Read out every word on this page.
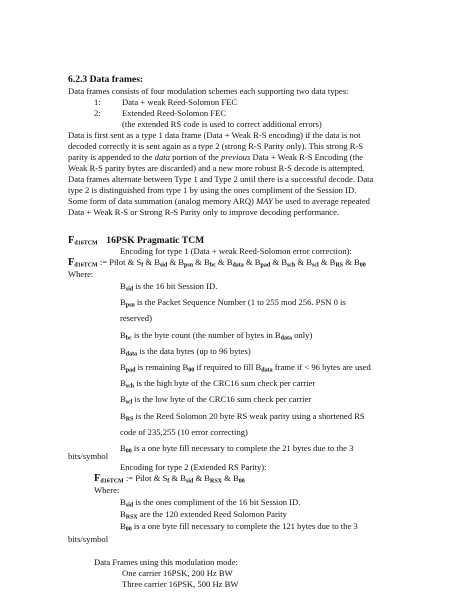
6.2.3 Data frames:
Data frames consists of four modulation schemes each supporting two data types:
1: Data + weak Reed-Solomon FEC
2: Extended Reed-Solomon FEC
(the extended RS code is used to correct additional errors)
Data is first sent as a type 1 data frame (Data + Weak R-S encoding) if the data is not
decoded correctly it is sent again as a type 2 (strong R-S Parity only). This strong R-S
parity is appended to the data portion of the previous Data + Weak R-S Encoding (the
Weak R-S parity bytes are discarded) and a new more robust R-S decode is attempted.
Data frames alternate between Type 1 and Type 2 until there is a successful decode. Data
type 2 is distinguished from type 1 by using the ones compliment of the Session ID.
Some form of data summation (analog memory ARQ) MAY be used to average repeated
Data + Weak R-S or Strong R-S Parity only to improve decoding performance.
Fd16TCM 16PSK Pragmatic TCM
Encoding for type 1 (Data + weak Reed-Solomon error correction):
Fd16TCM := Pilot & Sf & Bsid & Bpsn & Bbc & Bdata & Bpad & Bsch & Bscl & BRS & B00
Where:
Bsid is the 16 bit Session ID.
Bpsn is the Packet Sequence Number (1 to 255 mod 256. PSN 0 is
reserved)
Bbc is the byte count (the number of bytes in Bdata only)
Bdata is the data bytes (up to 96 bytes)
Bpad is remaining B00 if required to fill Bdata frame if < 96 bytes are used
Bsch is the high byte of the CRC16 sum check per carrier
Bscl is the low byte of the CRC16 sum check per carrier
BRS is the Reed Solomon 20 byte RS weak parity using a shortened RS
code of 235,255 (10 error correcting)
B00 is a one byte fill necessary to complete the 21 bytes due to the 3
bits/symbol
Encoding for type 2 (Extended RS Parity):
Fd16TCM := Pilot & Sf & Bsid & BRSX & B00
Where:
Bsid is the ones compliment of the 16 bit Session ID.
BRSX are the 120 extended Reed Solomon Parity
B00 is a one byte fill necessary to complete the 121 bytes due to the 3
bits/symbol
Data Frames using this modulation mode:
One carrier 16PSK, 200 Hz BW
Three carrier 16PSK, 500 Hz BW
